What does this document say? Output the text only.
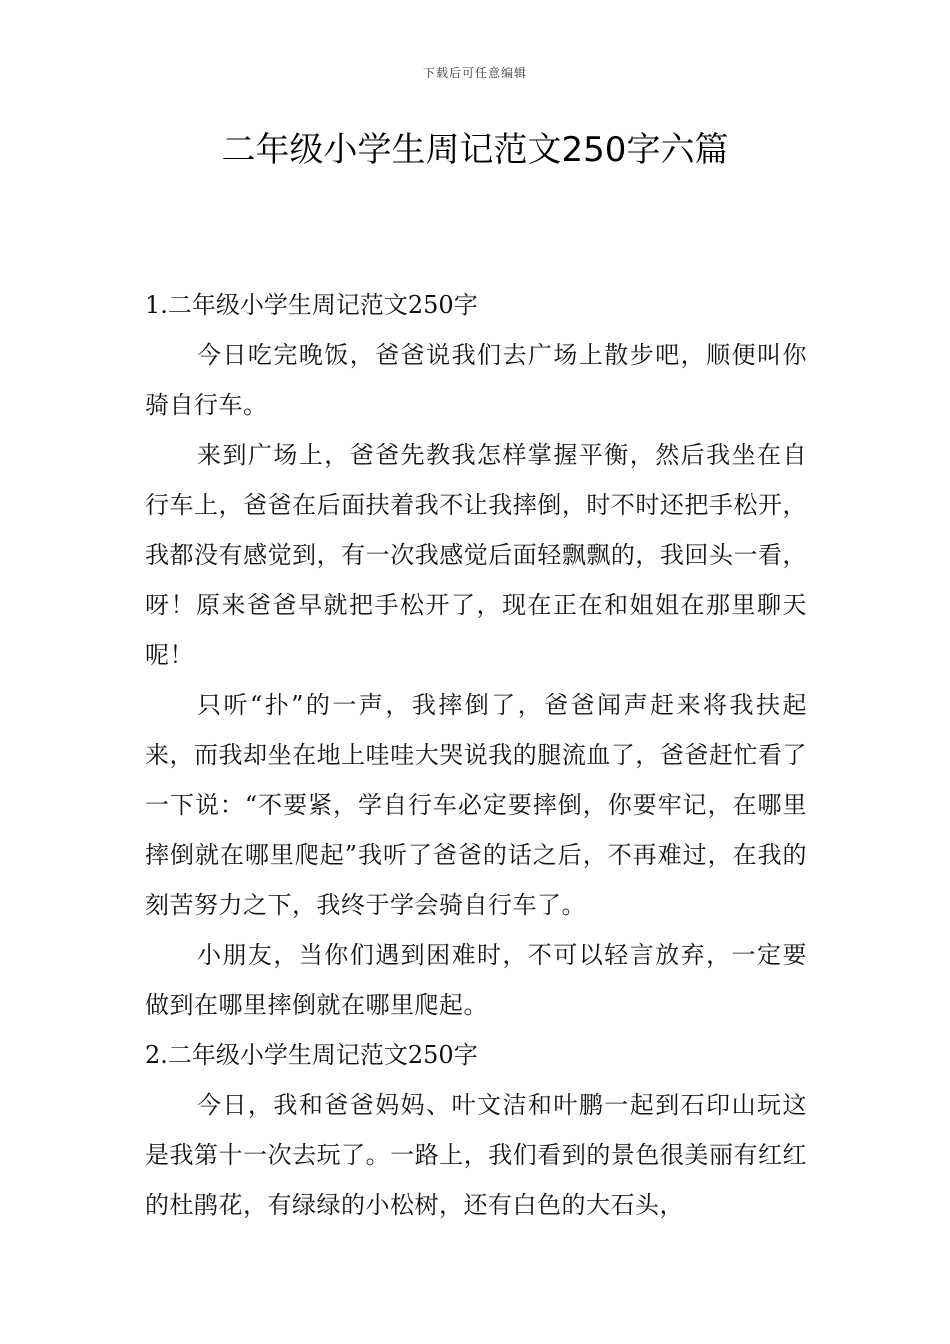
下载后可任意编辑
二年级小学生周记范文250字六篇

1.二年级小学生周记范文250字

今日吃完晚饭，爸爸说我们去广场上散步吧，顺便叫你骑自行车。

来到广场上，爸爸先教我怎样掌握平衡，然后我坐在自行车上，爸爸在后面扶着我不让我摔倒，时不时还把手松开，我都没有感觉到，有一次我感觉后面轻飘飘的，我回头一看，呀！原来爸爸早就把手松开了，现在正在和姐姐在那里聊天呢！

只听“扑”的一声，我摔倒了，爸爸闻声赶来将我扶起来，而我却坐在地上哇哇大哭说我的腿流血了，爸爸赶忙看了一下说：“不要紧，学自行车必定要摔倒，你要牢记，在哪里摔倒就在哪里爬起”我听了爸爸的话之后，不再难过，在我的刻苦努力之下，我终于学会骑自行车了。

小朋友，当你们遇到困难时，不可以轻言放弃，一定要做到在哪里摔倒就在哪里爬起。

2.二年级小学生周记范文250字

今日，我和爸爸妈妈、叶文洁和叶鹏一起到石印山玩这是我第十一次去玩了。一路上，我们看到的景色很美丽有红红的杜鹃花，有绿绿的小松树，还有白色的大石头，
